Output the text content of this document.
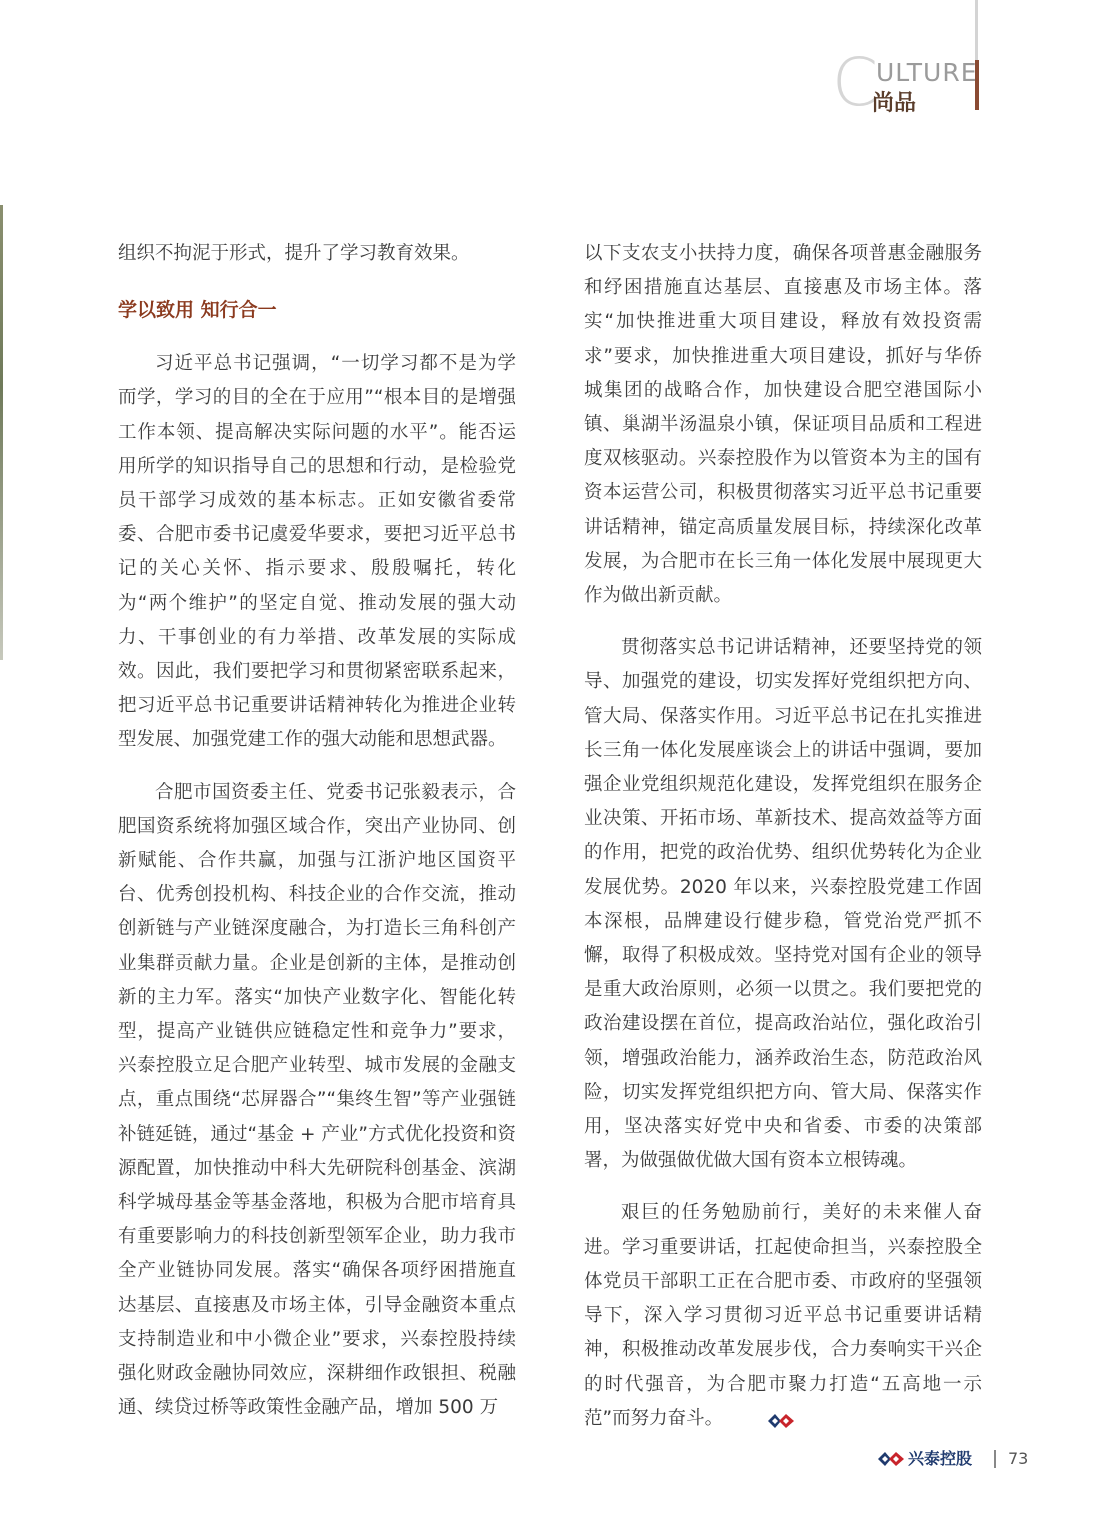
C
ULTURE
尚品

组织不拘泥于形式，提升了学习教育效果。

学以致用 知行合一

习近平总书记强调，“一切学习都不是为学而学，学习的目的全在于应用”“根本目的是增强工作本领、提高解决实际问题的水平”。能否运用所学的知识指导自己的思想和行动，是检验党员干部学习成效的基本标志。正如安徽省委常委、合肥市委书记虞爱华要求，要把习近平总书记的关心关怀、指示要求、殷殷嘱托，转化为“两个维护”的坚定自觉、推动发展的强大动力、干事创业的有力举措、改革发展的实际成效。因此，我们要把学习和贯彻紧密联系起来，把习近平总书记重要讲话精神转化为推进企业转型发展、加强党建工作的强大动能和思想武器。

合肥市国资委主任、党委书记张毅表示，合肥国资系统将加强区域合作，突出产业协同、创新赋能、合作共赢，加强与江浙沪地区国资平台、优秀创投机构、科技企业的合作交流，推动创新链与产业链深度融合，为打造长三角科创产业集群贡献力量。企业是创新的主体，是推动创新的主力军。落实“加快产业数字化、智能化转型，提高产业链供应链稳定性和竞争力”要求，兴泰控股立足合肥产业转型、城市发展的金融支点，重点围绕“芯屏器合”“集终生智”等产业强链补链延链，通过“基金 + 产业”方式优化投资和资源配置，加快推动中科大先研院科创基金、滨湖科学城母基金等基金落地，积极为合肥市培育具有重要影响力的科技创新型领军企业，助力我市全产业链协同发展。落实“确保各项纾困措施直达基层、直接惠及市场主体，引导金融资本重点支持制造业和中小微企业”要求，兴泰控股持续强化财政金融协同效应，深耕细作政银担、税融通、续贷过桥等政策性金融产品，增加 500 万

以下支农支小扶持力度，确保各项普惠金融服务和纾困措施直达基层、直接惠及市场主体。落实“加快推进重大项目建设，释放有效投资需求”要求，加快推进重大项目建设，抓好与华侨城集团的战略合作，加快建设合肥空港国际小镇、巢湖半汤温泉小镇，保证项目品质和工程进度双核驱动。兴泰控股作为以管资本为主的国有资本运营公司，积极贯彻落实习近平总书记重要讲话精神，锚定高质量发展目标，持续深化改革发展，为合肥市在长三角一体化发展中展现更大作为做出新贡献。

贯彻落实总书记讲话精神，还要坚持党的领导、加强党的建设，切实发挥好党组织把方向、管大局、保落实作用。习近平总书记在扎实推进长三角一体化发展座谈会上的讲话中强调，要加强企业党组织规范化建设，发挥党组织在服务企业决策、开拓市场、革新技术、提高效益等方面的作用，把党的政治优势、组织优势转化为企业发展优势。2020 年以来，兴泰控股党建工作固本深根，品牌建设行健步稳，管党治党严抓不懈，取得了积极成效。坚持党对国有企业的领导是重大政治原则，必须一以贯之。我们要把党的政治建设摆在首位，提高政治站位，强化政治引领，增强政治能力，涵养政治生态，防范政治风险，切实发挥党组织把方向、管大局、保落实作用，坚决落实好党中央和省委、市委的决策部署，为做强做优做大国有资本立根铸魂。

艰巨的任务勉励前行，美好的未来催人奋进。学习重要讲话，扛起使命担当，兴泰控股全体党员干部职工正在合肥市委、市政府的坚强领导下，深入学习贯彻习近平总书记重要讲话精神，积极推动改革发展步伐，合力奏响实干兴企的时代强音，为合肥市聚力打造“五高地一示范”而努力奋斗。

兴泰控股 73
